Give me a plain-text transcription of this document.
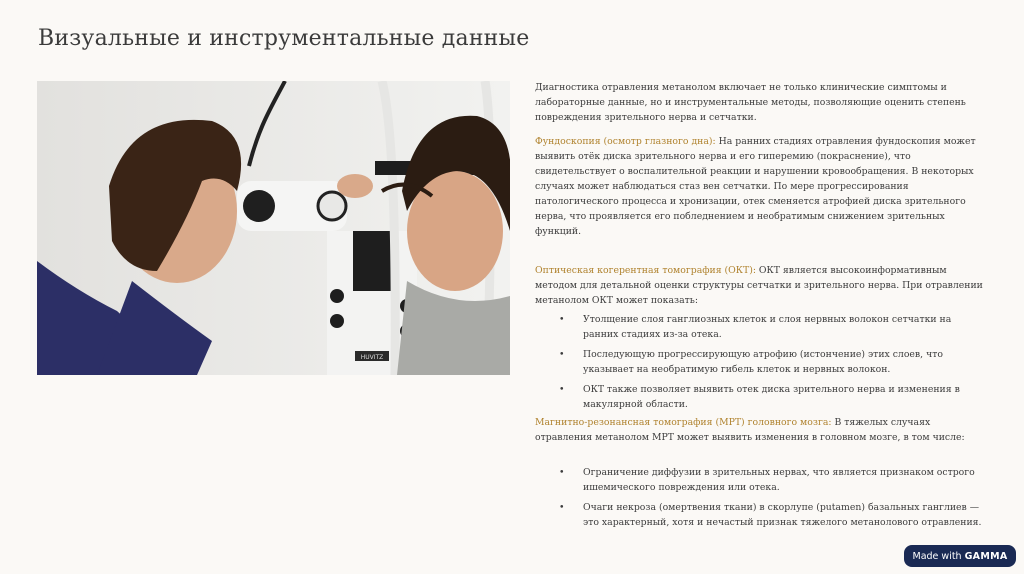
Визуальные и инструментальные данные
HUVITZ

Диагностика отравления метанолом включает не только клинические симптомы и лабораторные данные, но и инструментальные методы, позволяющие оценить степень повреждения зрительного нерва и сетчатки.

Фундоскопия (осмотр глазного дна): На ранних стадиях отравления фундоскопия может выявить отёк диска зрительного нерва и его гиперемию (покраснение), что свидетельствует о воспалительной реакции и нарушении кровообращения. В некоторых случаях может наблюдаться стаз вен сетчатки. По мере прогрессирования патологического процесса и хронизации, отек сменяется атрофией диска зрительного нерва, что проявляется его побледнением и необратимым снижением зрительных функций.

Оптическая когерентная томография (ОКТ): ОКТ является высокоинформативным методом для детальной оценки структуры сетчатки и зрительного нерва. При отравлении метанолом ОКТ может показать:

• Утолщение слоя ганглиозных клеток и слоя нервных волокон сетчатки на ранних стадиях из-за отека.
• Последующую прогрессирующую атрофию (истончение) этих слоев, что указывает на необратимую гибель клеток и нервных волокон.
• ОКТ также позволяет выявить отек диска зрительного нерва и изменения в макулярной области.

Магнитно-резонансная томография (МРТ) головного мозга: В тяжелых случаях отравления метанолом МРТ может выявить изменения в головном мозге, в том числе:

• Ограничение диффузии в зрительных нервах, что является признаком острого ишемического повреждения или отека.
• Очаги некроза (омертвения ткани) в скорлупе (putamen) базальных ганглиев — это характерный, хотя и нечастый признак тяжелого метанолового отравления.
Made with GAMMA
